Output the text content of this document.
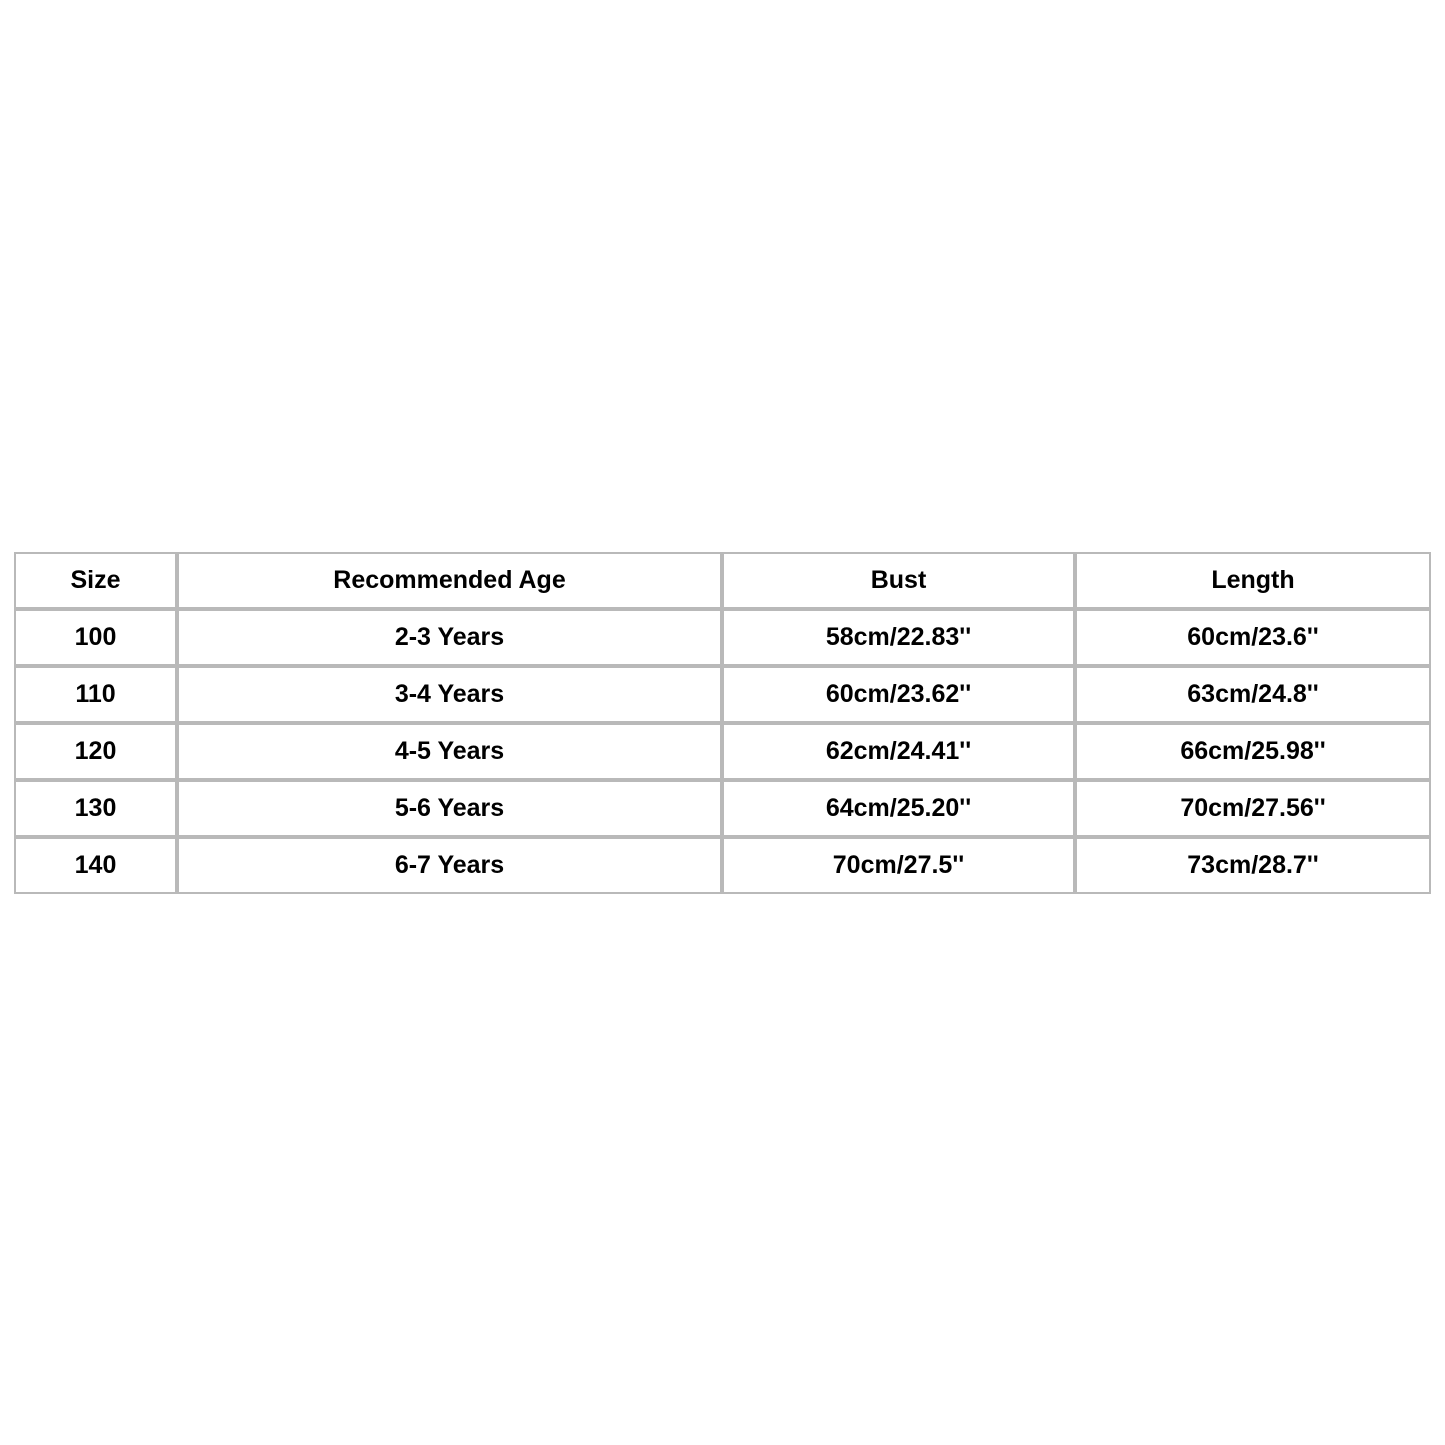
Size	Recommended Age	Bust	Length

100	2-3 Years	58cm/22.83''	60cm/23.6''

110	3-4 Years	60cm/23.62''	63cm/24.8''

120	4-5 Years	62cm/24.41''	66cm/25.98''

130	5-6 Years	64cm/25.20''	70cm/27.56''

140	6-7 Years	70cm/27.5''	73cm/28.7''
